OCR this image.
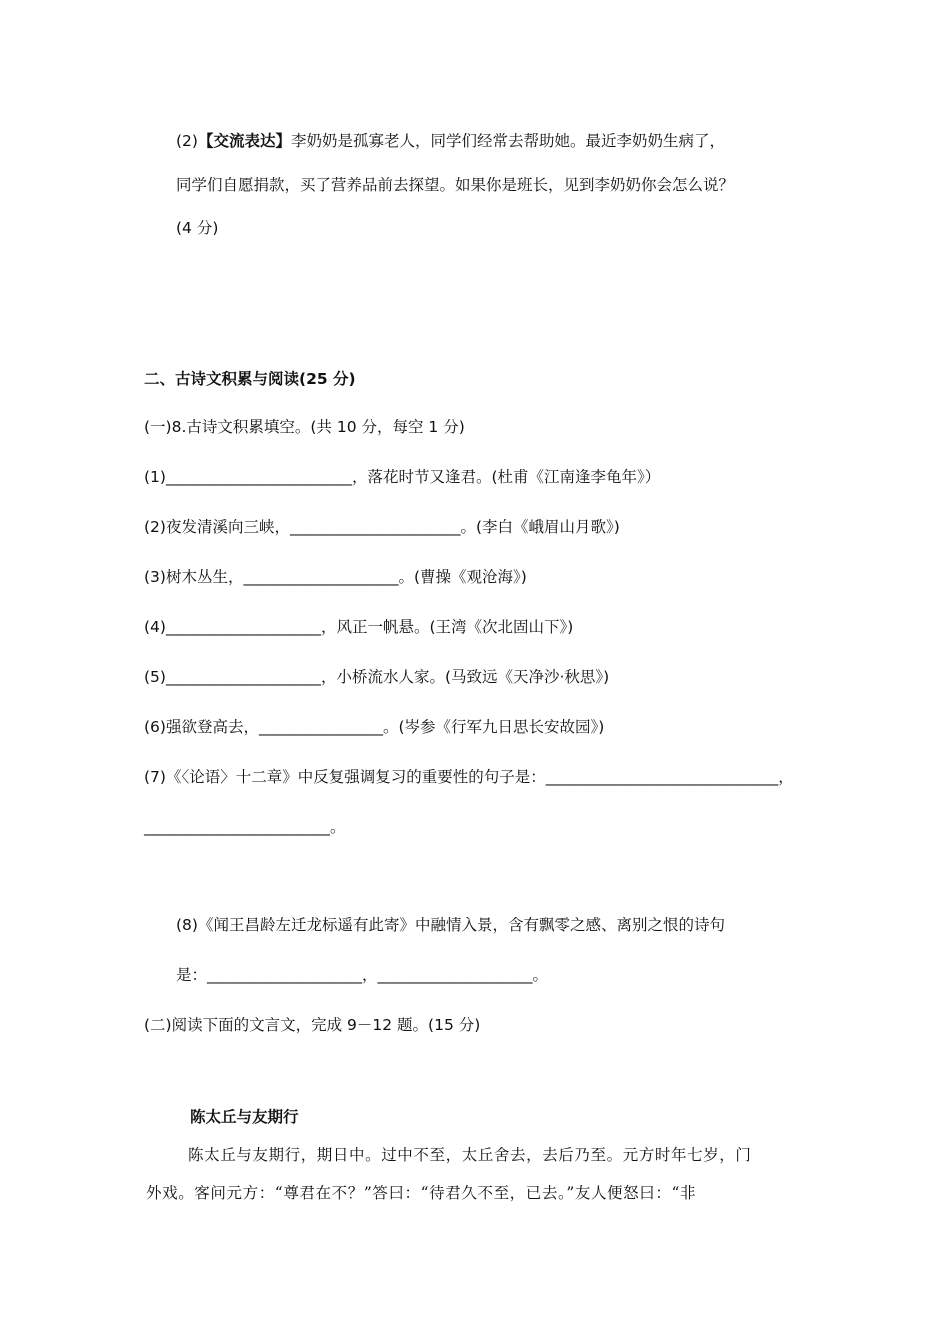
(2)【交流表达】李奶奶是孤寡老人，同学们经常去帮助她。最近李奶奶生病了，
同学们自愿捐款，买了营养品前去探望。如果你是班长，见到李奶奶你会怎么说？
(4 分)
二、古诗文积累与阅读(25 分)
(一)8.古诗文积累填空。(共 10 分，每空 1 分)
(1)________________________，落花时节又逢君。(杜甫《江南逢李龟年》）
(2)夜发清溪向三峡，______________________。(李白《峨眉山月歌》)
(3)树木丛生，____________________。(曹操《观沧海》)
(4)____________________，风正一帆悬。(王湾《次北固山下》)
(5)____________________，小桥流水人家。(马致远《天净沙·秋思》)
(6)强欲登高去，________________。(岑参《行军九日思长安故园》)
(7)《〈论语〉十二章》中反复强调复习的重要性的句子是：______________________________，
________________________。
(8)《闻王昌龄左迁龙标遥有此寄》中融情入景，含有飘零之感、离别之恨的诗句
是：____________________，____________________。
(二)阅读下面的文言文，完成 9－12 题。(15 分)
陈太丘与友期行
陈太丘与友期行，期日中。过中不至，太丘舍去，去后乃至。元方时年七岁，门
外戏。客问元方：“尊君在不？”答曰：“待君久不至，已去。”友人便怒曰：“非
